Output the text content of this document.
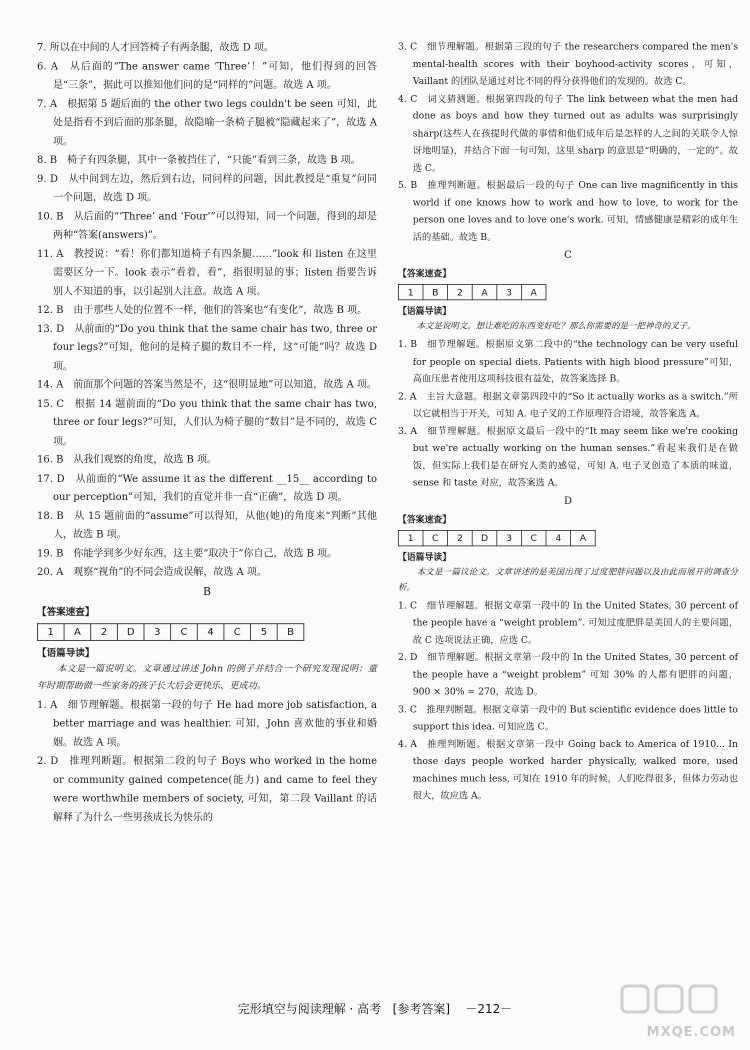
7. 所以在中间的人才回答椅子有两条腿，故选 D 项。

6. A　从后面的“The answer came ‘Three’！”可知，他们得到的回答是“三条”，据此可以推知他们问的是“同样的”问题。故选 A 项。

7. A　根据第 5 题后面的 the other two legs couldn't be seen 可知，此处是指看不到后面的那条腿，故隐喻一条椅子腿被“隐藏起来了”，故选 A 项。

8. B　椅子有四条腿，其中一条被挡住了，“只能”看到三条，故选 B 项。

9. D　从中间到左边，然后到右边，同问样的问题，因此教授是“重复”问同一个问题，故选 D 项。

10. B　从后面的“‘Three’ and ‘Four’”可以得知，同一个问题，得到的却是两种“答案(answers)”。

11. A　教授说：“看！你们都知道椅子有四条腿……”look 和 listen 在这里需要区分一下。look 表示“看着，看”，指很明显的事；listen 指要告诉别人不知道的事，以引起别人注意。故选 A 项。

12. B　由于那些人处的位置不一样，他们的答案也“有变化”，故选 B 项。

13. D　从前面的“Do you think that the same chair has two, three or four legs?”可知，他问的是椅子腿的数目不一样，这“可能”吗？故选 D 项。

14. A　前面那个问题的答案当然是不，这“很明显地”可以知道，故选 A 项。

15. C　根据 14 题前面的“Do you think that the same chair has two, three or four legs?”可知，人们认为椅子腿的“数目”是不同的，故选 C 项。

16. B　从我们观察的角度，故选 B 项。

17. D　从前面的“We assume it as the different __15__ according to our perception”可知，我们的直觉并非一直“正确”，故选 D 项。

18. B　从 15 题前面的“assume”可以得知，从他(她)的角度来“判断”其他人，故选 B 项。

19. B　你能学到多少好东西，这主要“取决于”你自己，故选 B 项。

20. A　观察“视角”的不同会造成误解，故选 A 项。

B
【答案速查】
1	A	2	D	3	C	4	C	5	B
【语篇导读】

本文是一篇说明文。文章通过讲述 John 的例子并结合一个研究发现说明：童年时期帮助做一些家务的孩子长大后会更快乐、更成功。

1. A　细节理解题。根据第一段的句子 He had more job satisfaction, a better marriage and was healthier. 可知，John 喜欢他的事业和婚姻。故选 A 项。

2. D　推理判断题。根据第二段的句子 Boys who worked in the home or community gained competence(能力) and came to feel they were worthwhile members of society, 可知，第二段 Vaillant 的话解释了为什么一些男孩成长为快乐的

3. C　细节理解题。根据第三段的句子 the researchers compared the men's mental-health scores with their boyhood-activity scores，可知，Vaillant 的团队是通过对比不同的得分获得他们的发现的。故选 C。

4. C　词义猜测题。根据第四段的句子 The link between what the men had done as boys and how they turned out as adults was surprisingly sharp(这些人在孩提时代做的事情和他们成年后是怎样的人之间的关联令人惊讶地明显)，并结合下面一句可知，这里 sharp 的意思是“明确的，一定的”。故选 C。

5. B　推理判断题。根据最后一段的句子 One can live magnificently in this world if one knows how to work and how to love, to work for the person one loves and to love one's work. 可知，情感健康是精彩的成年生活的基础。故选 B。

C
【答案速查】
1	B	2	A	3	A
【语篇导读】

本文是说明文。想让难吃的东西变好吃？那么你需要的是一把神奇的叉子。

1. B　细节理解题。根据原文第二段中的“the technology can be very useful for people on special diets. Patients with high blood pressure”可知，高血压患者使用这项科技很有益处，故答案选择 B。

2. A　主旨大意题。根据文章第四段中的“So it actually works as a switch.”所以它就相当于开关，可知 A. 电子叉的工作原理符合语境，故答案选 A。

3. A　细节理解题。根据原文最后一段中的“It may seem like we're cooking but we're actually working on the human senses.”看起来我们是在做饭，但实际上我们是在研究人类的感觉，可知 A. 电子叉创造了本质的味道，sense 和 taste 对应，故答案选 A。

D
【答案速查】
1	C	2	D	3	C	4	A
【语篇导读】

本文是一篇议论文。文章讲述的是美国出现了过度肥胖问题以及由此而展开的调查分析。

1. C　细节理解题。根据文章第一段中的 In the United States, 30 percent of the people have a “weight problem”. 可知过度肥胖是美国人的主要问题，故 C 选项说法正确，应选 C。

2. D　细节理解题。根据文章第一段中的 In the United States, 30 percent of the people have a “weight problem” 可知 30% 的人都有肥胖的问题，900 × 30% = 270，故选 D。

3. C　推理判断题。根据文章第一段中的 But scientific evidence does little to support this idea. 可知应选 C。

4. A　推理判断题。根据文章第一段中 Going back to America of 1910... In those days people worked harder physically, walked more, used machines much less, 可知在 1910 年的时候，人们吃得很多，但体力劳动也很大，故应选 A。

完形填空与阅读理解 · 高考 [参考答案] －212－
MXQE.COM
